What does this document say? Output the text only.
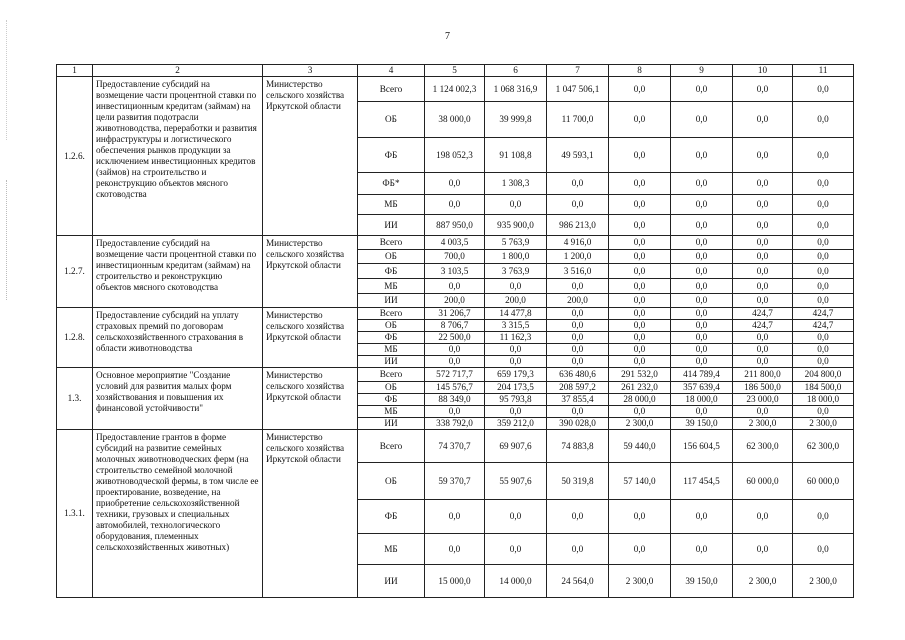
7
1	2	3	4	5	6	7	8	9	10	11
1.2.6.	Предоставление субсидий на возмещение части процентной ставки по инвестиционным кредитам (займам) на цели развития подотрасли животноводства, переработки и развития инфраструктуры и логистического обеспечения рынков продукции за исключением инвестиционных кредитов (займов) на строительство и реконструкцию объектов мясного скотоводства	Министерство сельского хозяйства Иркутской области	Всего	1 124 002,3	1 068 316,9	1 047 506,1	0,0	0,0	0,0	0,0
			ОБ	38 000,0	39 999,8	11 700,0	0,0	0,0	0,0	0,0
			ФБ	198 052,3	91 108,8	49 593,1	0,0	0,0	0,0	0,0
			ФБ*	0,0	1 308,3	0,0	0,0	0,0	0,0	0,0
			МБ	0,0	0,0	0,0	0,0	0,0	0,0	0,0
			ИИ	887 950,0	935 900,0	986 213,0	0,0	0,0	0,0	0,0
1.2.7.	Предоставление субсидий на возмещение части процентной ставки по инвестиционным кредитам (займам) на строительство и реконструкцию объектов мясного скотоводства	Министерство сельского хозяйства Иркутской области	Всего	4 003,5	5 763,9	4 916,0	0,0	0,0	0,0	0,0
			ОБ	700,0	1 800,0	1 200,0	0,0	0,0	0,0	0,0
			ФБ	3 103,5	3 763,9	3 516,0	0,0	0,0	0,0	0,0
			МБ	0,0	0,0	0,0	0,0	0,0	0,0	0,0
			ИИ	200,0	200,0	200,0	0,0	0,0	0,0	0,0
1.2.8.	Предоставление субсидий на уплату страховых премий по договорам сельскохозяйственного страхования в области животноводства	Министерство сельского хозяйства Иркутской области	Всего	31 206,7	14 477,8	0,0	0,0	0,0	424,7	424,7
			ОБ	8 706,7	3 315,5	0,0	0,0	0,0	424,7	424,7
			ФБ	22 500,0	11 162,3	0,0	0,0	0,0	0,0	0,0
			МБ	0,0	0,0	0,0	0,0	0,0	0,0	0,0
			ИИ	0,0	0,0	0,0	0,0	0,0	0,0	0,0
1.3.	Основное мероприятие "Создание условий для развития малых форм хозяйствования и повышения их финансовой устойчивости"	Министерство сельского хозяйства Иркутской области	Всего	572 717,7	659 179,3	636 480,6	291 532,0	414 789,4	211 800,0	204 800,0
			ОБ	145 576,7	204 173,5	208 597,2	261 232,0	357 639,4	186 500,0	184 500,0
			ФБ	88 349,0	95 793,8	37 855,4	28 000,0	18 000,0	23 000,0	18 000,0
			МБ	0,0	0,0	0,0	0,0	0,0	0,0	0,0
			ИИ	338 792,0	359 212,0	390 028,0	2 300,0	39 150,0	2 300,0	2 300,0
1.3.1.	Предоставление грантов в форме субсидий на развитие семейных молочных животноводческих ферм (на строительство семейной молочной животноводческой фермы, в том числе ее проектирование, возведение, на приобретение сельскохозяйственной техники, грузовых и специальных автомобилей, технологического оборудования, племенных сельскохозяйственных животных)	Министерство сельского хозяйства Иркутской области	Всего	74 370,7	69 907,6	74 883,8	59 440,0	156 604,5	62 300,0	62 300,0
			ОБ	59 370,7	55 907,6	50 319,8	57 140,0	117 454,5	60 000,0	60 000,0
			ФБ	0,0	0,0	0,0	0,0	0,0	0,0	0,0
			МБ	0,0	0,0	0,0	0,0	0,0	0,0	0,0
			ИИ	15 000,0	14 000,0	24 564,0	2 300,0	39 150,0	2 300,0	2 300,0
